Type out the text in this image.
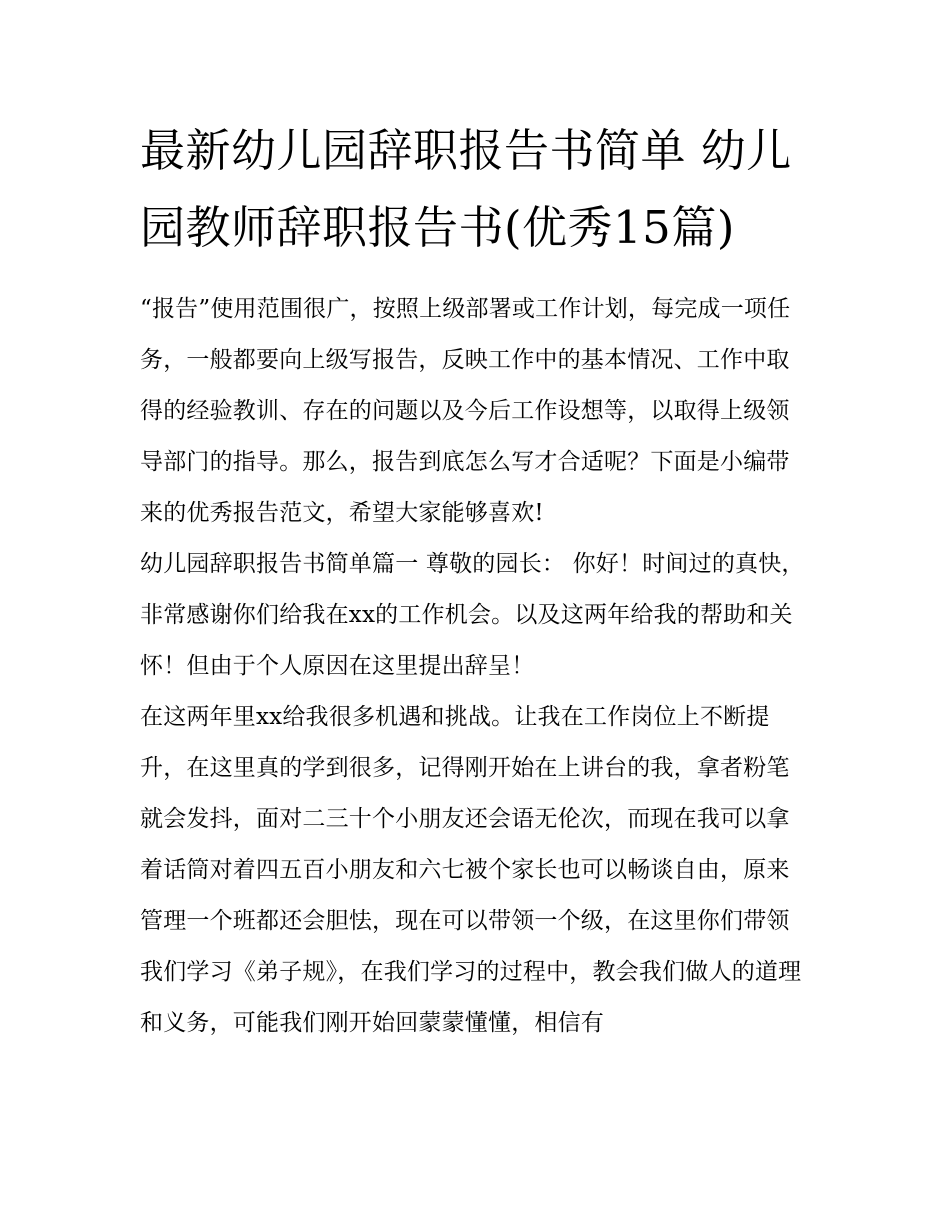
最新幼儿园辞职报告书简单 幼儿园教师辞职报告书(优秀15篇)

“报告”使用范围很广，按照上级部署或工作计划，每完成一项任务，一般都要向上级写报告，反映工作中的基本情况、工作中取得的经验教训、存在的问题以及今后工作设想等，以取得上级领导部门的指导。那么，报告到底怎么写才合适呢？下面是小编带来的优秀报告范文，希望大家能够喜欢!

幼儿园辞职报告书简单篇一 尊敬的园长： 你好！时间过的真快，非常感谢你们给我在xx的工作机会。以及这两年给我的帮助和关怀！但由于个人原因在这里提出辞呈！

在这两年里xx给我很多机遇和挑战。让我在工作岗位上不断提升，在这里真的学到很多，记得刚开始在上讲台的我，拿者粉笔就会发抖，面对二三十个小朋友还会语无伦次，而现在我可以拿着话筒对着四五百小朋友和六七被个家长也可以畅谈自由，原来管理一个班都还会胆怯，现在可以带领一个级，在这里你们带领我们学习《弟子规》，在我们学习的过程中，教会我们做人的道理和义务，可能我们刚开始回蒙蒙懂懂，相信有
